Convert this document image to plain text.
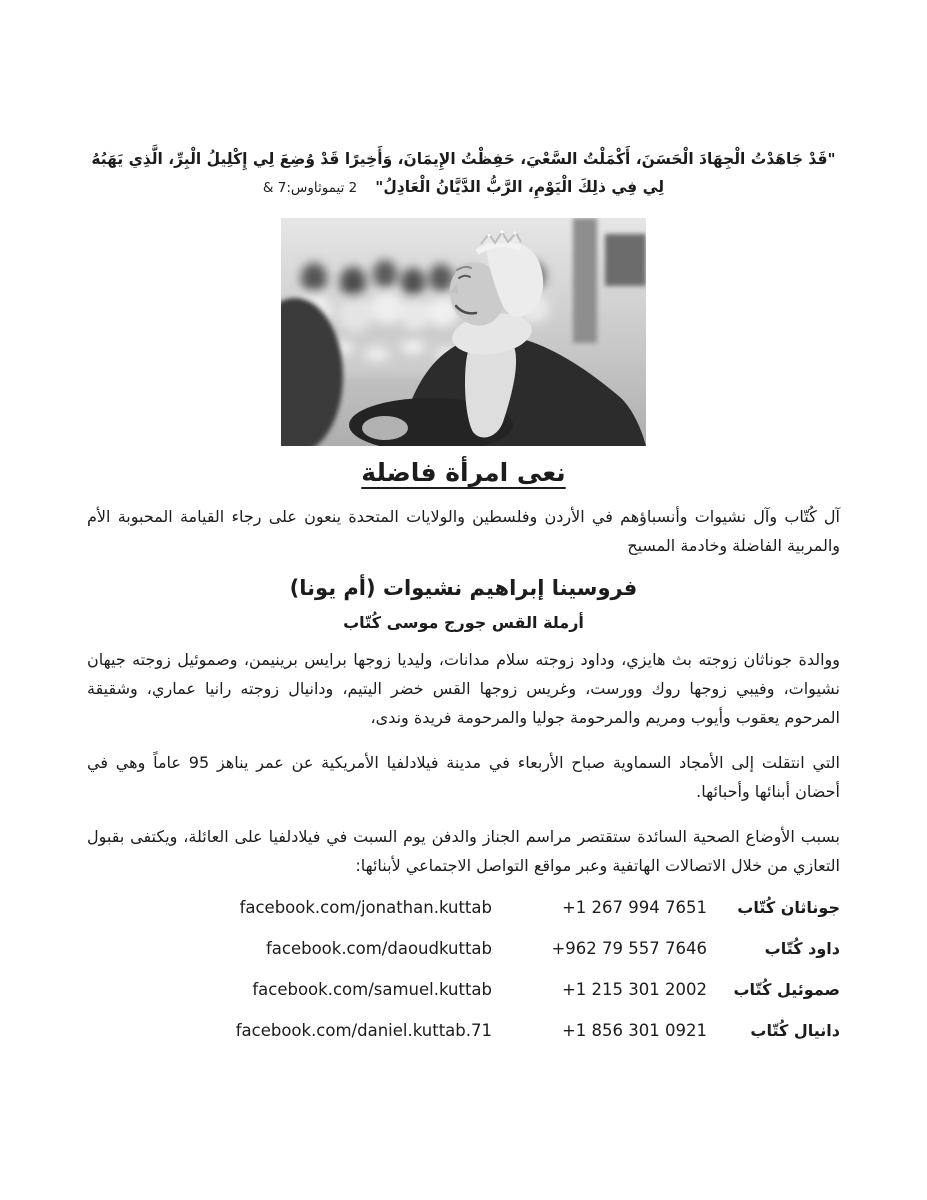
"قَدْ جَاهَدْتُ الْجِهَادَ الْحَسَنَ، أَكْمَلْتُ السَّعْيَ، حَفِظْتُ الإِيمَانَ، وَأَخِيرًا قَدْ وُضِعَ لِي إِكْلِيلُ الْبِرِّ، الَّذِي يَهَبُهُ لِي فِي ذلِكَ الْيَوْمِ، الرَّبُّ الدَّيَّانُ الْعَادِلُ"2 تيموثاوس:7 &
نعى امرأة فاضلة

آل كُتّاب وآل نشيوات وأنسباؤهم في الأردن وفلسطين والولايات المتحدة ينعون على رجاء القيامة المحبوبة الأم والمربية الفاضلة وخادمة المسيح

فروسينا إبراهيم نشيوات (أم يونا)
أرملة القس جورج موسى كُتّاب

ووالدة جوناثان زوجته بث هايزي، وداود زوجته سلام مدانات، وليديا زوجها برايس برينيمن، وصموئيل زوجته جيهان نشيوات، وفيبي زوجها روك وورست، وغريس زوجها القس خضر اليتيم، ودانيال زوجته رانيا عماري، وشقيقة المرحوم يعقوب وأيوب ومريم والمرحومة جوليا والمرحومة فريدة وندى،

التي انتقلت إلى الأمجاد السماوية صباح الأربعاء في مدينة فيلادلفيا الأمريكية عن عمر يناهز 95 عاماً وهي في أحضان أبنائها وأحبائها.

بسبب الأوضاع الصحية السائدة ستقتصر مراسم الجناز والدفن يوم السبت في فيلادلفيا على العائلة، ويكتفى بقبول التعازي من خلال الاتصالات الهاتفية وعبر مواقع التواصل الاجتماعي لأبنائها:

جوناثان كُتّاب
+1 267 994 7651
facebook.com/jonathan.kuttab
داود كُتّاب
+962 79 557 7646
facebook.com/daoudkuttab
صموئيل كُتّاب
+1 215 301 2002
facebook.com/samuel.kuttab
دانيال كُتّاب
+1 856 301 0921
facebook.com/daniel.kuttab.71
